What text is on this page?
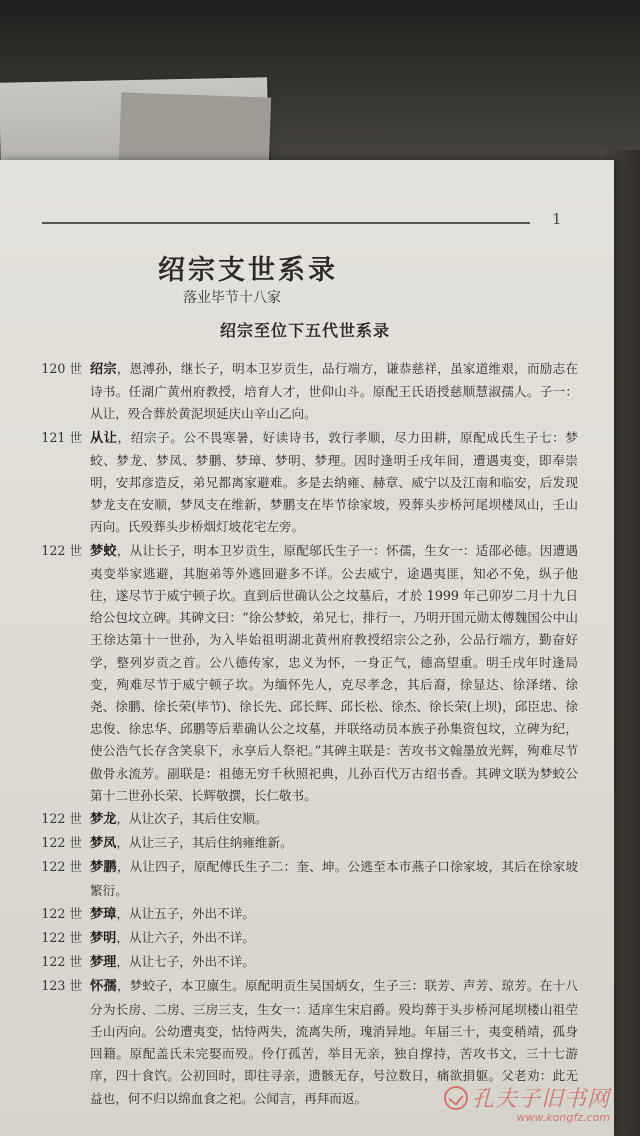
1
绍宗支世系录
落业毕节十八家
绍宗至位下五代世系录
120 世 绍宗，恩溥孙，继长子，明本卫岁贡生，品行端方，谦恭慈祥，虽家道维艰，而励志在诗书。任湖广黄州府教授，培育人才，世仰山斗。原配王氏语授慈顺慧淑孺人。子一：从让，殁合葬於黄泥坝延庆山辛山乙向。
121 世 从让，绍宗子。公不畏寒暑，好读诗书，敦行孝顺，尽力田耕，原配成氏生子七：梦蛟、梦龙、梦凤、梦鹏、梦璋、梦明、梦理。因时逢明壬戌年间，遭遇夷变，即奉崇明，安邦彦造反，弟兄都离家避难。多是去纳雍、赫章、威宁以及江南和临安，后发现梦龙支在安顺，梦凤支在维新，梦鹏支在毕节徐家坡，殁葬头步桥河尾坝楼凤山，壬山丙向。氏殁葬头步桥烟灯坡花宅左旁。
122 世 梦蛟，从让长子，明本卫岁贡生，原配邬氏生子一：怀孺，生女一：适邵必德。因遭遇夷变举家逃避，其胞弟等外逃回避多不详。公去威宁，途遇夷匪，知必不免，纵子他往，遂尽节于威宁顿子坎。直到后世确认公之坟墓后，才於 1999 年己卯岁二月十九日给公包坟立碑。其碑文曰：“徐公梦蛟，弟兄七，排行一，乃明开国元勋太傅魏国公中山王徐达第十一世孙，为入毕始祖明湖北黄州府教授绍宗公之孙，公品行端方，勤奋好学，整列岁贡之首。公八德传家，忠义为怀，一身正气，德高望重。明壬戌年时逢局变，殉难尽节于威宁顿子坎。为缅怀先人，克尽孝念，其后裔，徐显达、徐泽绪、徐尧、徐鹏、徐长荣(毕节)、徐长先、邱长辉、邱长松、徐杰、徐长荣(上坝)，邱臣忠、徐忠俊、徐忠华、邱鹏等后辈确认公之坟墓，并联络动员本族子孙集资包坟，立碑为纪，使公浩气长存含笑泉下，永享后人祭祀。”其碑主联是：苦攻书文翰墨放光辉，殉难尽节傲骨永流芳。副联是：祖德无穷千秋照祀典，儿孙百代万古绍书香。其碑文联为梦蛟公第十二世孙长荣、长辉敬撰，长仁敬书。
122 世 梦龙，从让次子，其后住安顺。
122 世 梦凤，从让三子，其后住纳雍维新。
122 世 梦鹏，从让四子，原配傅氏生子二：奎、坤。公逃至本市燕子口徐家坡，其后在徐家坡繁衍。
122 世 梦璋，从让五子，外出不详。
122 世 梦明，从让六子，外出不详。
122 世 梦理，从让七子，外出不详。
123 世 怀孺，梦蛟子，本卫廪生。原配明贡生吴国炳女，生子三：联芳、声芳、琼芳。在十八分为长房、二房、三房三支，生女一：适庠生宋启爵。殁均葬于头步桥河尾坝楼山祖茔壬山丙向。公幼遭夷变，怙恃两失，流离失所，瑰消异地。年届三十，夷变稍靖，孤身回籍。原配盖氏未完娶而殁。伶仃孤苦，举目无亲，独自撑持，苦攻书文，三十七游庠，四十食饩。公初回时，即往寻亲，遗骸无存，号泣数日，痛欲捐躯。父老劝：此无益也，何不归以绵血食之祀。公闻言，再拜而返。	孔夫子旧书网
www.kongfz.com
